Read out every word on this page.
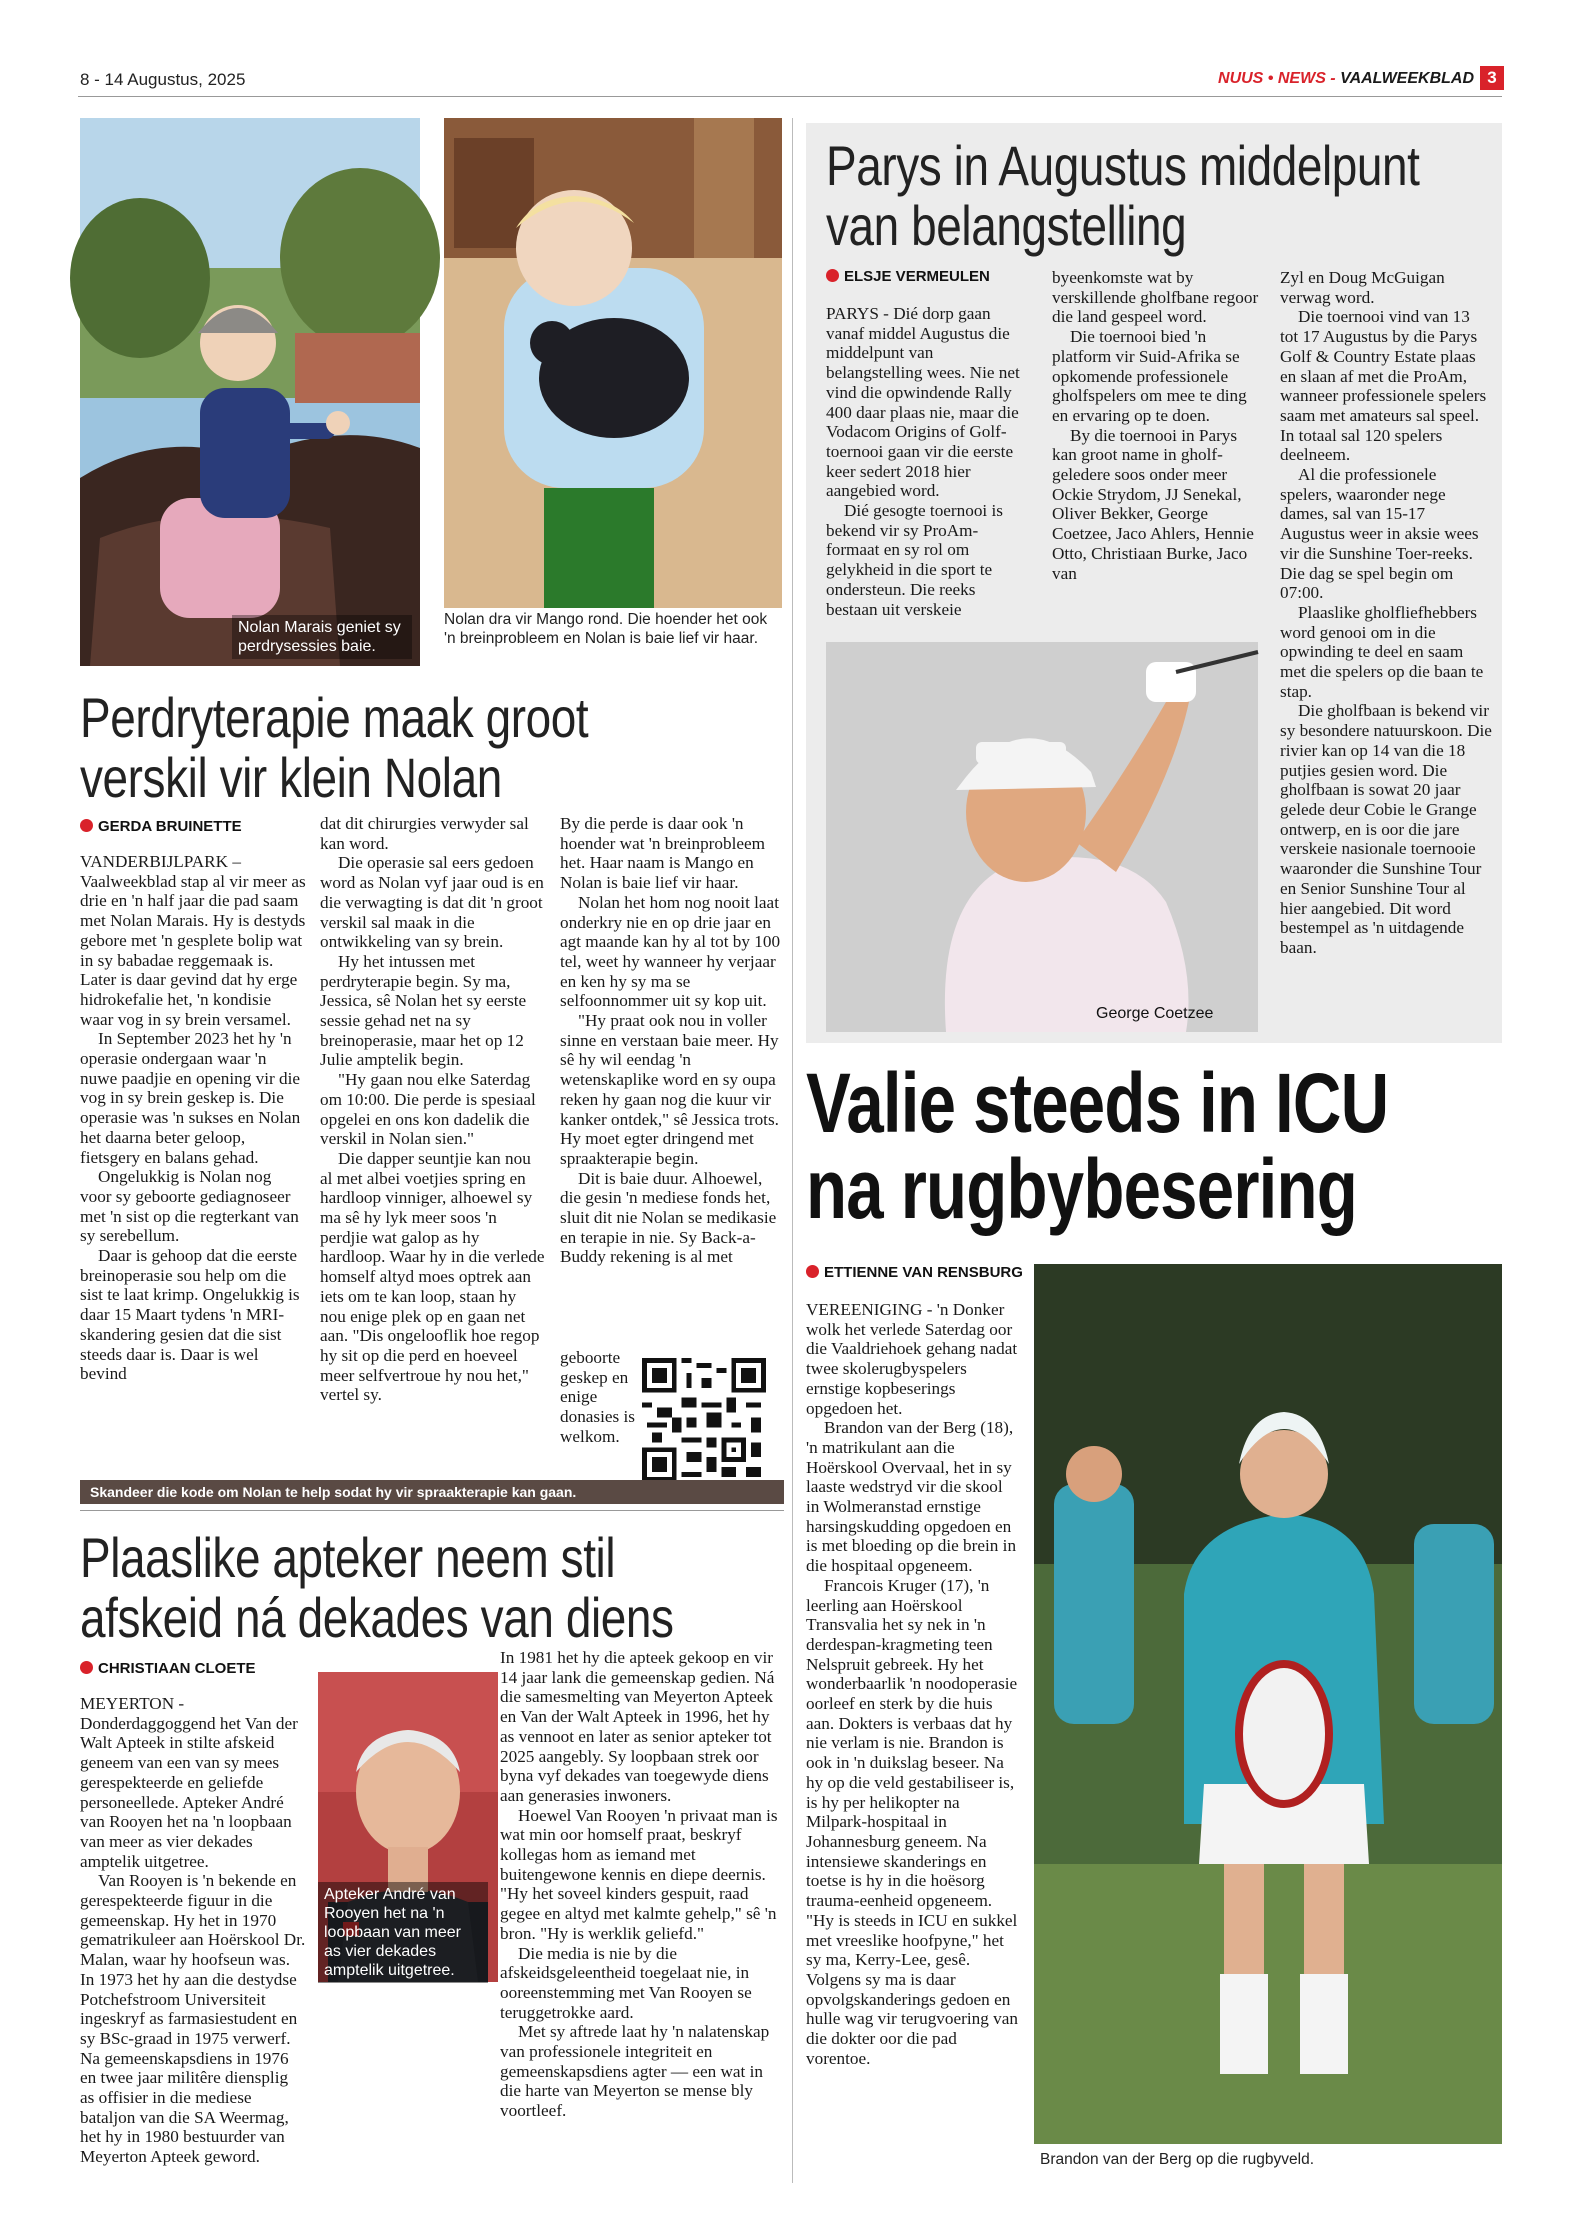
8 - 14 Augustus, 2025	NUUS • NEWS - VAALWEEKBLAD 3
Nolan Marais geniet sy perdrysessies baie.
Nolan dra vir Mango rond. Die hoender het ook 'n breinprobleem en Nolan is baie lief vir haar.
Perdryterapie maak groot
verskil vir klein Nolan
GERDA BRUINETTE

VANDERBIJLPARK – Vaalweekblad stap al vir meer as drie en 'n half jaar die pad saam met Nolan Marais. Hy is destyds gebore met 'n gesplete bolip wat in sy babadae reggemaak is. Later is daar gevind dat hy erge hidrokefalie het, 'n kondisie waar vog in sy brein versamel.

In September 2023 het hy 'n operasie ondergaan waar 'n nuwe paadjie en opening vir die vog in sy brein geskep is. Die operasie was 'n sukses en Nolan het daarna beter geloop, fietsgery en balans gehad.

Ongelukkig is Nolan nog voor sy geboorte gediagnoseer met 'n sist op die regterkant van sy serebellum.

Daar is gehoop dat die eerste breinoperasie sou help om die sist te laat krimp. Ongelukkig is daar 15 Maart tydens 'n MRI-skandering gesien dat die sist steeds daar is. Daar is wel bevind

dat dit chirurgies verwyder sal kan word.

Die operasie sal eers gedoen word as Nolan vyf jaar oud is en die verwagting is dat dit 'n groot verskil sal maak in die ontwikkeling van sy brein.

Hy het intussen met perdryterapie begin. Sy ma, Jessica, sê Nolan het sy eerste sessie gehad net na sy breinoperasie, maar het op 12 Julie amptelik begin.

"Hy gaan nou elke Saterdag om 10:00. Die perde is spesiaal opgelei en ons kon dadelik die verskil in Nolan sien."

Die dapper seuntjie kan nou al met albei voetjies spring en hardloop vinniger, alhoewel sy ma sê hy lyk meer soos 'n perdjie wat galop as hy hardloop. Waar hy in die verlede homself altyd moes optrek aan iets om te kan loop, staan hy nou enige plek op en gaan net aan. "Dis ongelooflik hoe regop hy sit op die perd en hoeveel meer selfvertroue hy nou het," vertel sy.

By die perde is daar ook 'n hoender wat 'n breinprobleem het. Haar naam is Mango en Nolan is baie lief vir haar.

Nolan het hom nog nooit laat onderkry nie en op drie jaar en agt maande kan hy al tot by 100 tel, weet hy wanneer hy verjaar en ken hy sy ma se selfoonnommer uit sy kop uit.

"Hy praat ook nou in voller sinne en verstaan baie meer. Hy sê hy wil eendag 'n wetenskaplike word en sy oupa reken hy gaan nog die kuur vir kanker ontdek," sê Jessica trots. Hy moet egter dringend met spraakterapie begin.

Dit is baie duur. Alhoewel, die gesin 'n mediese fonds het, sluit dit nie Nolan se medikasie en terapie in nie. Sy Back-a-Buddy rekening is al met

geboorte geskep en enige donasies is welkom.
Skandeer die kode om Nolan te help sodat hy vir spraakterapie kan gaan.
Plaaslike apteker neem stil
afskeid ná dekades van diens
CHRISTIAAN CLOETE

MEYERTON - Donderdaggoggend het Van der Walt Apteek in stilte afskeid geneem van een van sy mees gerespekteerde en geliefde personeellede. Apteker André van Rooyen het na 'n loopbaan van meer as vier dekades amptelik uitgetree.

Van Rooyen is 'n bekende en gerespekteerde figuur in die gemeenskap. Hy het in 1970 gematrikuleer aan Hoërskool Dr. Malan, waar hy hoofseun was. In 1973 het hy aan die destydse Potchefstroom Universiteit ingeskryf as farmasiestudent en sy BSc-graad in 1975 verwerf. Na gemeenskapsdiens in 1976 en twee jaar militêre diensplig as offisier in die mediese bataljon van die SA Weermag, het hy in 1980 bestuurder van Meyerton Apteek geword.

Apteker André van Rooyen het na 'n loopbaan van meer as vier dekades amptelik uitgetree.

In 1981 het hy die apteek gekoop en vir 14 jaar lank die gemeenskap gedien. Ná die samesmelting van Meyerton Apteek en Van der Walt Apteek in 1996, het hy as vennoot en later as senior apteker tot 2025 aangebly. Sy loopbaan strek oor byna vyf dekades van toegewyde diens aan generasies inwoners.

Hoewel Van Rooyen 'n privaat man is wat min oor homself praat, beskryf kollegas hom as iemand met buitengewone kennis en diepe deernis. "Hy het soveel kinders gespuit, raad gegee en altyd met kalmte gehelp," sê 'n bron. "Hy is werklik geliefd."

Die media is nie by die afskeidsgeleentheid toegelaat nie, in ooreenstemming met Van Rooyen se teruggetrokke aard.

Met sy aftrede laat hy 'n nalatenskap van professionele integriteit en gemeenskapsdiens agter — een wat in die harte van Meyerton se mense bly voortleef.

Parys in Augustus middelpunt
van belangstelling
ELSJE VERMEULEN

PARYS - Dié dorp gaan vanaf middel Augustus die middelpunt van belangstelling wees. Nie net vind die opwindende Rally 400 daar plaas nie, maar die Vodacom Origins of Golf-toernooi gaan vir die eerste keer sedert 2018 hier aangebied word.

Dié gesogte toernooi is bekend vir sy ProAm-formaat en sy rol om gelykheid in die sport te ondersteun. Die reeks bestaan uit verskeie

byeenkomste wat by verskillende gholfbane regoor die land gespeel word.

Die toernooi bied 'n platform vir Suid-Afrika se opkomende professionele gholfspelers om mee te ding en ervaring op te doen.

By die toernooi in Parys kan groot name in gholf-geledere soos onder meer Ockie Strydom, JJ Senekal, Oliver Bekker, George Coetzee, Jaco Ahlers, Hennie Otto, Christiaan Burke, Jaco van

Zyl en Doug McGuigan verwag word.

Die toernooi vind van 13 tot 17 Augustus by die Parys Golf & Country Estate plaas en slaan af met die ProAm, wanneer professionele spelers saam met amateurs sal speel. In totaal sal 120 spelers deelneem.

Al die professionele spelers, waaronder nege dames, sal van 15-17 Augustus weer in aksie wees vir die Sunshine Toer-reeks. Die dag se spel begin om 07:00.

Plaaslike gholfliefhebbers word genooi om in die opwinding te deel en saam met die spelers op die baan te stap.

Die gholfbaan is bekend vir sy besondere natuurskoon. Die rivier kan op 14 van die 18 putjies gesien word. Die gholfbaan is sowat 20 jaar gelede deur Cobie le Grange ontwerp, en is oor die jare verskeie nasionale toernooie waaronder die Sunshine Tour en Senior Sunshine Tour al hier aangebied. Dit word bestempel as 'n uitdagende baan.

George Coetzee
Valie steeds in ICU
na rugbybesering
ETTIENNE VAN RENSBURG

VEREENIGING - 'n Donker wolk het verlede Saterdag oor die Vaaldriehoek gehang nadat twee skolerugbyspelers ernstige kopbeserings opgedoen het.

Brandon van der Berg (18), 'n matrikulant aan die Hoërskool Overvaal, het in sy laaste wedstryd vir die skool in Wolmeranstad ernstige harsingskudding opgedoen en is met bloeding op die brein in die hospitaal opgeneem.

Francois Kruger (17), 'n leerling aan Hoërskool Transvalia het sy nek in 'n derdespan-kragmeting teen Nelspruit gebreek. Hy het wonderbaarlik 'n noodoperasie oorleef en sterk by die huis aan. Dokters is verbaas dat hy nie verlam is nie. Brandon is ook in 'n duikslag beseer. Na hy op die veld gestabiliseer is, is hy per helikopter na Milpark-hospitaal in Johannesburg geneem. Na intensiewe skanderings en toetse is hy in die hoësorg trauma-eenheid opgeneem. "Hy is steeds in ICU en sukkel met vreeslike hoofpyne," het sy ma, Kerry-Lee, gesê. Volgens sy ma is daar opvolgskanderings gedoen en hulle wag vir terugvoering van die dokter oor die pad vorentoe.

Brandon van der Berg op die rugbyveld.
